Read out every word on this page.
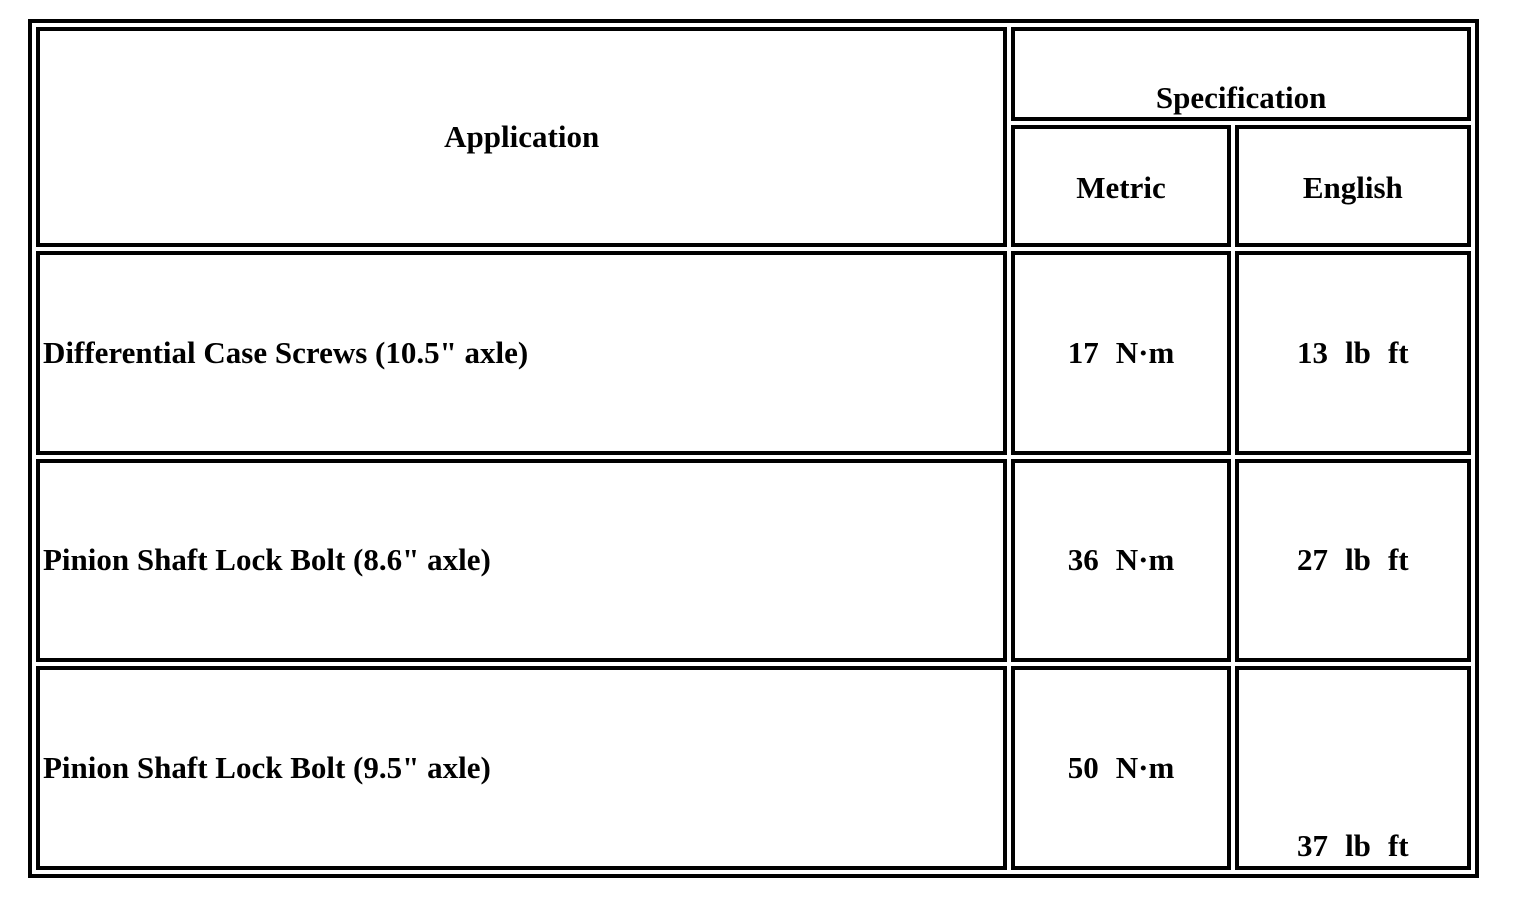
Application	Specification	
	Metric	English
Differential Case Screws (10.5" axle)	17 N·m	13 lb ft
Pinion Shaft Lock Bolt (8.6" axle)	36 N·m	27 lb ft
Pinion Shaft Lock Bolt (9.5" axle)	50 N·m	37 lb ft
